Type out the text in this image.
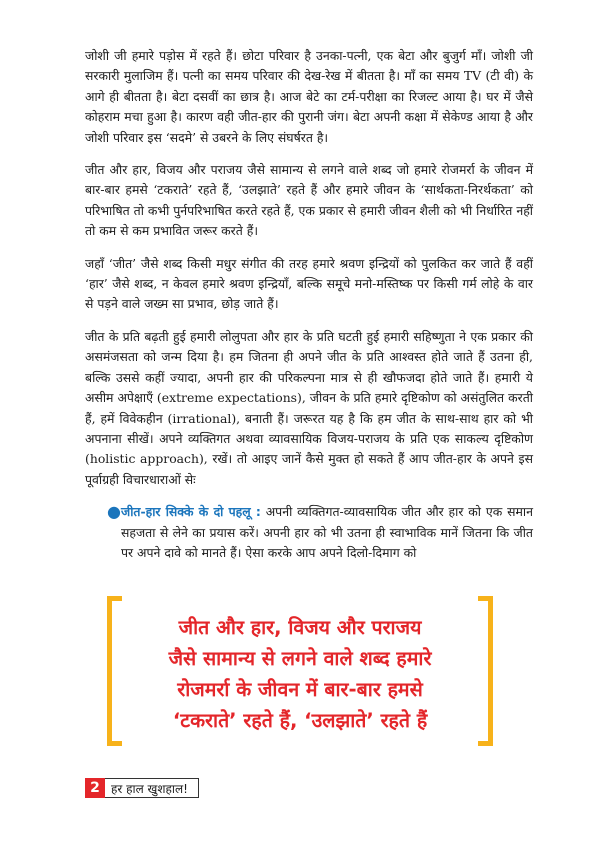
जोशी जी हमारे पड़ोस में रहते हैं। छोटा परिवार है उनका-पत्नी, एक बेटा और बुजुर्ग माँ। जोशी जी सरकारी मुलाजिम हैं। पत्नी का समय परिवार की देख-रेख में बीतता है। माँ का समय TV (टी वी) के आगे ही बीतता है। बेटा दसवीं का छात्र है। आज बेटे का टर्म-परीक्षा का रिजल्ट आया है। घर में जैसे कोहराम मचा हुआ है। कारण वही जीत-हार की पुरानी जंग। बेटा अपनी कक्षा में सेकेण्ड आया है और जोशी परिवार इस ‘सदमे’ से उबरने के लिए संघर्षरत है।

जीत और हार, विजय और पराजय जैसे सामान्य से लगने वाले शब्द जो हमारे रोजमर्रा के जीवन में बार-बार हमसे ‘टकराते’ रहते हैं, ‘उलझाते’ रहते हैं और हमारे जीवन के ‘सार्थकता-निरर्थकता’ को परिभाषित तो कभी पुर्नपरिभाषित करते रहते हैं, एक प्रकार से हमारी जीवन शैली को भी निर्धारित नहीं तो कम से कम प्रभावित जरूर करते हैं।

जहाँ ‘जीत’ जैसे शब्द किसी मधुर संगीत की तरह हमारे श्रवण इन्द्रियों को पुलकित कर जाते हैं वहीं ‘हार’ जैसे शब्द, न केवल हमारे श्रवण इन्द्रियाँ, बल्कि समूचे मनो-मस्तिष्क पर किसी गर्म लोहे के वार से पड़ने वाले जख्म सा प्रभाव, छोड़ जाते हैं।

जीत के प्रति बढ़ती हुई हमारी लोलुपता और हार के प्रति घटती हुई हमारी सहिष्णुता ने एक प्रकार की असमंजसता को जन्म दिया है। हम जितना ही अपने जीत के प्रति आश्वस्त होते जाते हैं उतना ही, बल्कि उससे कहीं ज्यादा, अपनी हार की परिकल्पना मात्र से ही खौफजदा होते जाते हैं। हमारी ये असीम अपेक्षाएँ (extreme expectations), जीवन के प्रति हमारे दृष्टिकोण को असंतुलित करती हैं, हमें विवेकहीन (irrational), बनाती हैं। जरूरत यह है कि हम जीत के साथ-साथ हार को भी अपनाना सीखें। अपने व्यक्तिगत अथवा व्यावसायिक विजय-पराजय के प्रति एक साकल्य दृष्टिकोण (holistic approach), रखें। तो आइए जानें कैसे मुक्त हो सकते हैं आप जीत-हार के अपने इस पूर्वाग्रही विचारधाराओं सेः

● जीत-हार सिक्के के दो पहलू : अपनी व्यक्तिगत-व्यावसायिक जीत और हार को एक समान सहजता से लेने का प्रयास करें। अपनी हार को भी उतना ही स्वाभाविक मानें जितना कि जीत पर अपने दावे को मानते हैं। ऐसा करके आप अपने दिलो-दिमाग को
जीत और हार, विजय और पराजय
जैसे सामान्य से लगने वाले शब्द हमारे
रोजमर्रा के जीवन में बार-बार हमसे
‘टकराते’ रहते हैं, ‘उलझाते’ रहते हैं
2 हर हाल खुशहाल!
